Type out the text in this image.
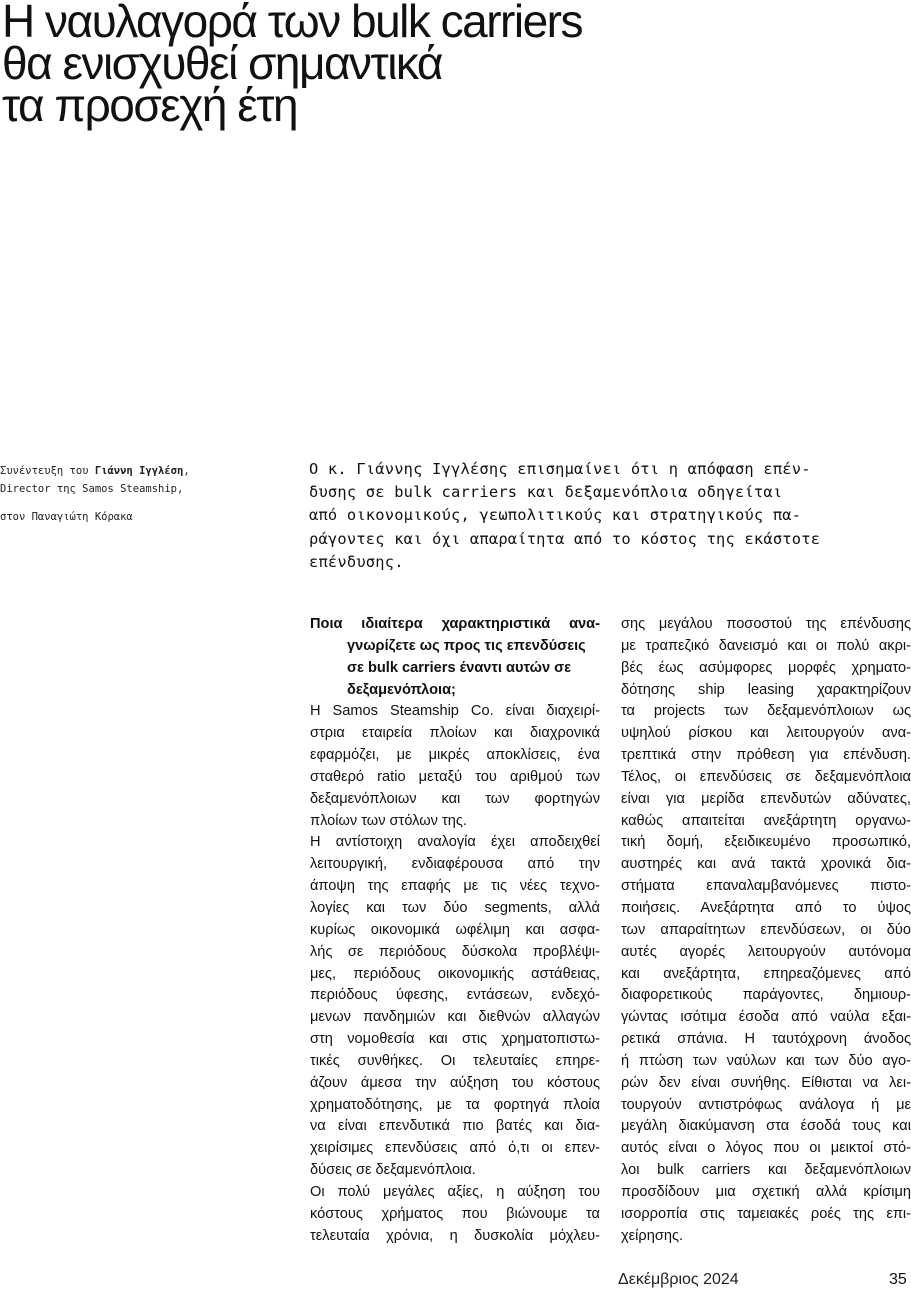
Η ναυλαγορά των bulk carriers
θα ενισχυθεί σημαντικά
τα προσεχή έτη
Συνέντευξη του Γιάννη Ιγγλέση,
Director της Samos Steamship,
στον Παναγιώτη Κόρακα
Ο κ. Γιάννης Ιγγλέσης επισημαίνει ότι η απόφαση επέν-
δυσης σε bulk carriers και δεξαμενόπλοια οδηγείται
από οικονομικούς, γεωπολιτικούς και στρατηγικούς πα-
ράγοντες και όχι απαραίτητα από το κόστος της εκάστοτε
επένδυσης.
Ποια ιδιαίτερα χαρακτηριστικά ανα-
γνωρίζετε ως προς τις επενδύσεις
σε bulk carriers έναντι αυτών σε
δεξαμενόπλοια;
Η Samos Steamship Co. είναι διαχειρί-
στρια εταιρεία πλοίων και διαχρονικά
εφαρμόζει, με μικρές αποκλίσεις, ένα
σταθερό ratio μεταξύ του αριθμού των
δεξαμενόπλοιων και των φορτηγών
πλοίων των στόλων της.
Η αντίστοιχη αναλογία έχει αποδειχθεί
λειτουργική, ενδιαφέρουσα από την
άποψη της επαφής με τις νέες τεχνο-
λογίες και των δύο segments, αλλά
κυρίως οικονομικά ωφέλιμη και ασφα-
λής σε περιόδους δύσκολα προβλέψι-
μες, περιόδους οικονομικής αστάθειας,
περιόδους ύφεσης, εντάσεων, ενδεχό-
μενων πανδημιών και διεθνών αλλαγών
στη νομοθεσία και στις χρηματοπιστω-
τικές συνθήκες. Οι τελευταίες επηρε-
άζουν άμεσα την αύξηση του κόστους
χρηματοδότησης, με τα φορτηγά πλοία
να είναι επενδυτικά πιο βατές και δια-
χειρίσιμες επενδύσεις από ό,τι οι επεν-
δύσεις σε δεξαμενόπλοια.
Οι πολύ μεγάλες αξίες, η αύξηση του
κόστους χρήματος που βιώνουμε τα
τελευταία χρόνια, η δυσκολία μόχλευ-
σης μεγάλου ποσοστού της επένδυσης
με τραπεζικό δανεισμό και οι πολύ ακρι-
βές έως ασύμφορες μορφές χρηματο-
δότησης ship leasing χαρακτηρίζουν
τα projects των δεξαμενόπλοιων ως
υψηλού ρίσκου και λειτουργούν ανα-
τρεπτικά στην πρόθεση για επένδυση.
Τέλος, οι επενδύσεις σε δεξαμενόπλοια
είναι για μερίδα επενδυτών αδύνατες,
καθώς απαιτείται ανεξάρτητη οργανω-
τική δομή, εξειδικευμένο προσωπικό,
αυστηρές και ανά τακτά χρονικά δια-
στήματα επαναλαμβανόμενες πιστο-
ποιήσεις. Ανεξάρτητα από το ύψος
των απαραίτητων επενδύσεων, οι δύο
αυτές αγορές λειτουργούν αυτόνομα
και ανεξάρτητα, επηρεαζόμενες από
διαφορετικούς παράγοντες, δημιουρ-
γώντας ισότιμα έσοδα από ναύλα εξαι-
ρετικά σπάνια. Η ταυτόχρονη άνοδος
ή πτώση των ναύλων και των δύο αγο-
ρών δεν είναι συνήθης. Είθισται να λει-
τουργούν αντιστρόφως ανάλογα ή με
μεγάλη διακύμανση στα έσοδά τους και
αυτός είναι ο λόγος που οι μεικτοί στό-
λοι bulk carriers και δεξαμενόπλοιων
προσδίδουν μια σχετική αλλά κρίσιμη
ισορροπία στις ταμειακές ροές της επι-
χείρησης.
Δεκέμβριος 2024	35
